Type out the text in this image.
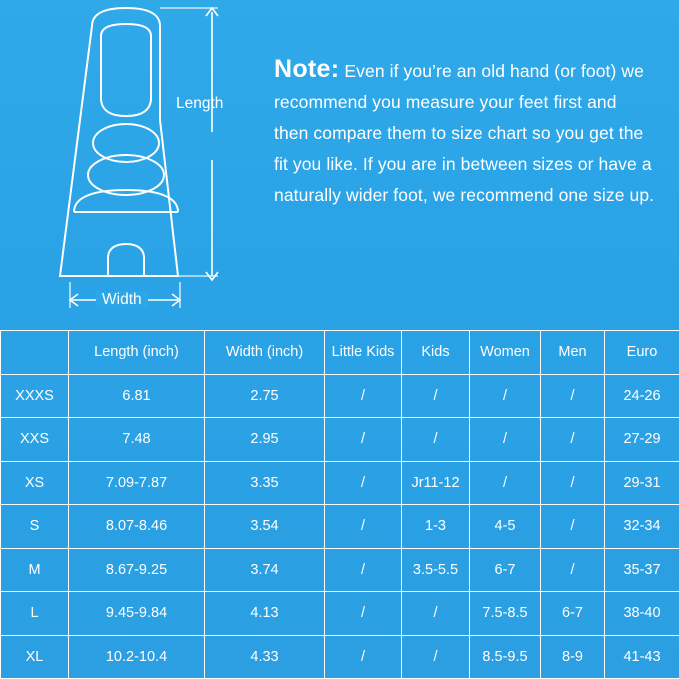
Length
Width

Note: Even if you’re an old hand (or foot) we recommend you measure your feet first and then compare them to size chart so you get the fit you like. If you are in between sizes or have a naturally wider foot, we recommend one size up.

	Length (inch)	Width (inch)	Little Kids	Kids	Women	Men	Euro
XXXS	6.81	2.75	/	/	/	/	24-26
XXS	7.48	2.95	/	/	/	/	27-29
XS	7.09-7.87	3.35	/	Jr11-12	/	/	29-31
S	8.07-8.46	3.54	/	1-3	4-5	/	32-34
M	8.67-9.25	3.74	/	3.5-5.5	6-7	/	35-37
L	9.45-9.84	4.13	/	/	7.5-8.5	6-7	38-40
XL	10.2-10.4	4.33	/	/	8.5-9.5	8-9	41-43
